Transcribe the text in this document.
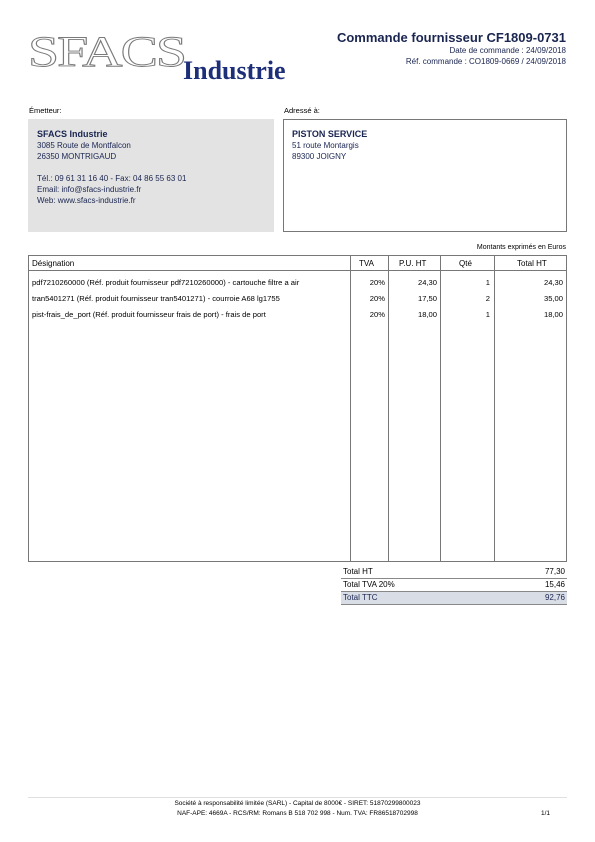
SFACS
Industrie
Commande fournisseur CF1809-0731
Date de commande : 24/09/2018
Réf. commande : CO1809-0669 / 24/09/2018
Émetteur:
SFACS Industrie
3085 Route de Montfalcon
26350 MONTRIGAUD
Tél.: 09 61 31 16 40 - Fax: 04 86 55 63 01
Email: info@sfacs-industrie.fr
Web: www.sfacs-industrie.fr
Adressé à:
PISTON SERVICE
51 route Montargis
89300 JOIGNY
Montants exprimés en Euros
Désignation	TVA	P.U. HT	Qté	Total HT
pdf7210260000 (Réf. produit fournisseur pdf7210260000) - cartouche filtre a air	20%	24,30	1	24,30
tran5401271 (Réf. produit fournisseur tran5401271) - courroie A68 lg1755	20%	17,50	2	35,00
pist-frais_de_port (Réf. produit fournisseur frais de port) - frais de port	20%	18,00	1	18,00
Total HT	77,30
Total TVA 20%	15,46
Total TTC	92,76
Société à responsabilité limitée (SARL) - Capital de 8000€ - SIRET: 51870299800023
NAF-APE: 4669A - RCS/RM: Romans B 518 702 998 - Num. TVA: FR86518702998	1/1
